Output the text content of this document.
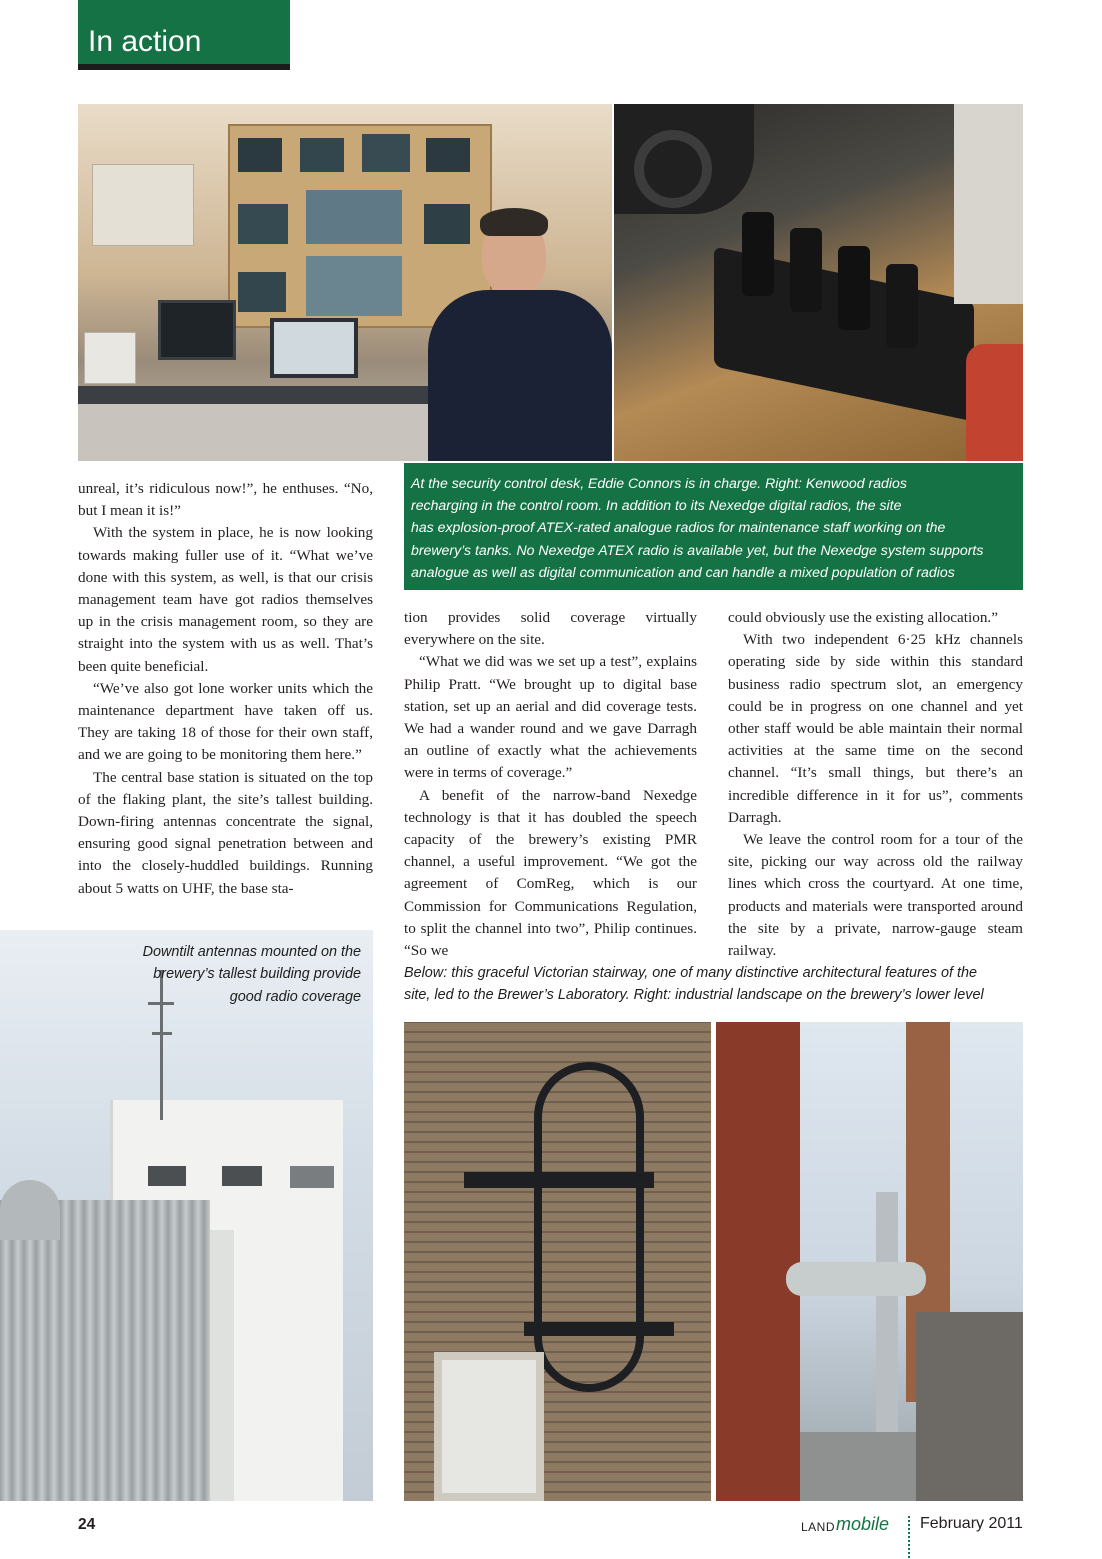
In action

unreal, it’s ridiculous now!”, he enthuses. “No, but I mean it is!”

With the system in place, he is now looking towards making fuller use of it. “What we’ve done with this system, as well, is that our crisis management team have got radios themselves up in the crisis management room, so they are straight into the system with us as well. That’s been quite beneficial.

“We’ve also got lone worker units which the maintenance department have taken off us. They are taking 18 of those for their own staff, and we are going to be monitoring them here.”

The central base station is situated on the top of the flaking plant, the site’s tallest building. Down-firing antennas concentrate the signal, ensuring good signal penetration between and into the closely-huddled buildings. Running about 5 watts on UHF, the base sta-

At the security control desk, Eddie Connors is in charge. Right: Kenwood radios

recharging in the control room. In addition to its Nexedge digital radios, the site

has explosion-proof ATEX-rated analogue radios for maintenance staff working on the

brewery’s tanks. No Nexedge ATEX radio is available yet, but the Nexedge system supports

analogue as well as digital communication and can handle a mixed population of radios

tion provides solid coverage virtually everywhere on the site.

“What we did was we set up a test”, explains Philip Pratt. “We brought up to digital base station, set up an aerial and did coverage tests. We had a wander round and we gave Darragh an outline of exactly what the achievements were in terms of coverage.”

A benefit of the narrow-band Nexedge technology is that it has doubled the speech capacity of the brewery’s existing PMR channel, a useful improvement. “We got the agreement of ComReg, which is our Commission for Communications Regulation, to split the channel into two”, Philip continues. “So we

could obviously use the existing allocation.”

With two independent 6·25 kHz channels operating side by side within this standard business radio spectrum slot, an emergency could be in progress on one channel and yet other staff would be able maintain their normal activities at the same time on the second channel. “It’s small things, but there’s an incredible difference in it for us”, comments Darragh.

We leave the control room for a tour of the site, picking our way across old the railway lines which cross the courtyard. At one time, products and materials were transported around the site by a private, narrow-gauge steam railway.

Downtilt antennas mounted on the
brewery’s tallest building provide
good radio coverage

Below: this graceful Victorian stairway, one of many distinctive architectural features of the
site, led to the Brewer’s Laboratory. Right: industrial landscape on the brewery’s lower level

24	LAND mobile February 2011
